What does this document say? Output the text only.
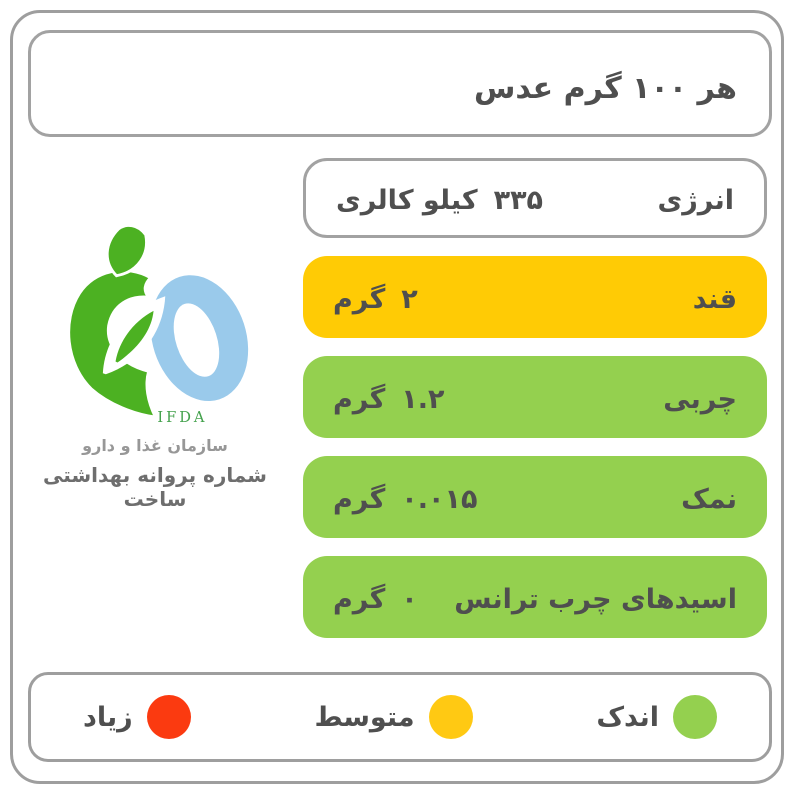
هر ۱۰۰ گرم عدس
انرژی
۳۳۵
کیلو کالری
قند
۲
گرم
چربی
۱.۲
گرم
نمک
۰.۰۱۵
گرم
اسیدهای چرب ترانس
۰
گرم
IFDA
سازمان غذا و دارو
شماره پروانه بهداشتی ساخت
اندک
متوسط
زیاد
